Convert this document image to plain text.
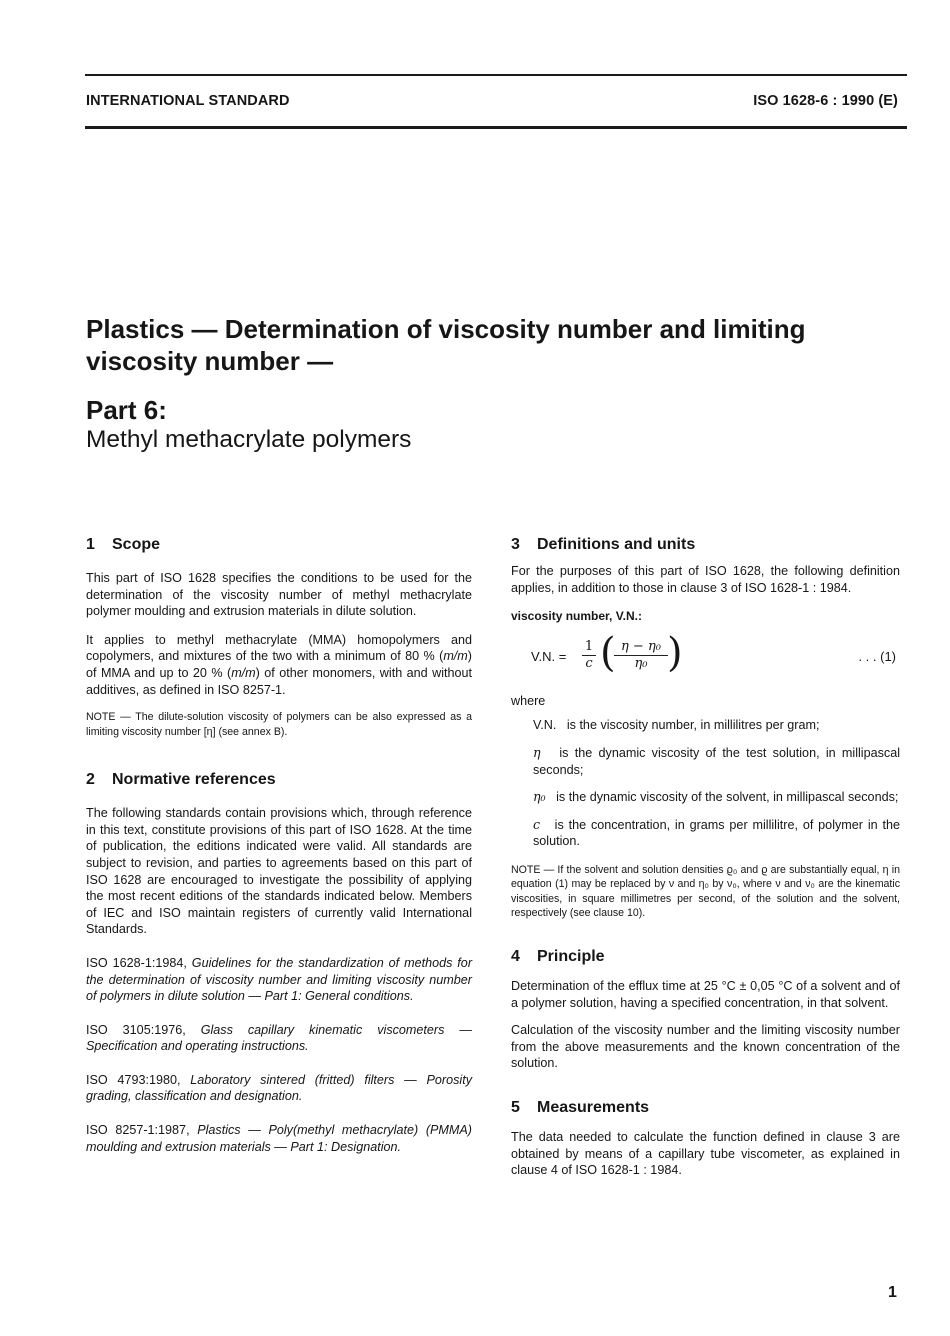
INTERNATIONAL STANDARD	ISO 1628-6 : 1990 (E)
Plastics — Determination of viscosity number and limiting
viscosity number —
Part 6:
Methyl methacrylate polymers
1 Scope

This part of ISO 1628 specifies the conditions to be used for the determination of the viscosity number of methyl methacrylate polymer moulding and extrusion materials in dilute solution.

It applies to methyl methacrylate (MMA) homopolymers and copolymers, and mixtures of the two with a minimum of 80 % (m/m) of MMA and up to 20 % (m/m) of other monomers, with and without additives, as defined in ISO 8257-1.

NOTE — The dilute-solution viscosity of polymers can be also expressed as a limiting viscosity number [η] (see annex B).

2 Normative references

The following standards contain provisions which, through reference in this text, constitute provisions of this part of ISO 1628. At the time of publication, the editions indicated were valid. All standards are subject to revision, and parties to agreements based on this part of ISO 1628 are encouraged to investigate the possibility of applying the most recent editions of the standards indicated below. Members of IEC and ISO maintain registers of currently valid International Standards.

ISO 1628-1:1984, Guidelines for the standardization of methods for the determination of viscosity number and limiting viscosity number of polymers in dilute solution — Part 1: General conditions.

ISO 3105:1976, Glass capillary kinematic viscometers — Specification and operating instructions.

ISO 4793:1980, Laboratory sintered (fritted) filters — Porosity grading, classification and designation.

ISO 8257-1:1987, Plastics — Poly(methyl methacrylate) (PMMA) moulding and extrusion materials — Part 1: Designation.

3 Definitions and units

For the purposes of this part of ISO 1628, the following definition applies, in addition to those in clause 3 of ISO 1628-1 : 1984.

viscosity number, V.N.:

V.N. =
1
c ( η − η₀
η₀ )	. . . (1)

where

V.N. is the viscosity number, in millilitres per gram;

η is the dynamic viscosity of the test solution, in millipascal seconds;

η₀ is the dynamic viscosity of the solvent, in millipascal seconds;

c is the concentration, in grams per millilitre, of polymer in the solution.

NOTE — If the solvent and solution densities ϱ₀ and ϱ are substantially equal, η in equation (1) may be replaced by ν and η₀ by ν₀, where ν and ν₀ are the kinematic viscosities, in square millimetres per second, of the solution and the solvent, respectively (see clause 10).

4 Principle

Determination of the efflux time at 25 °C ± 0,05 °C of a solvent and of a polymer solution, having a specified concentration, in that solvent.

Calculation of the viscosity number and the limiting viscosity number from the above measurements and the known concentration of the solution.

5 Measurements

The data needed to calculate the function defined in clause 3 are obtained by means of a capillary tube viscometer, as explained in clause 4 of ISO 1628-1 : 1984.

1
